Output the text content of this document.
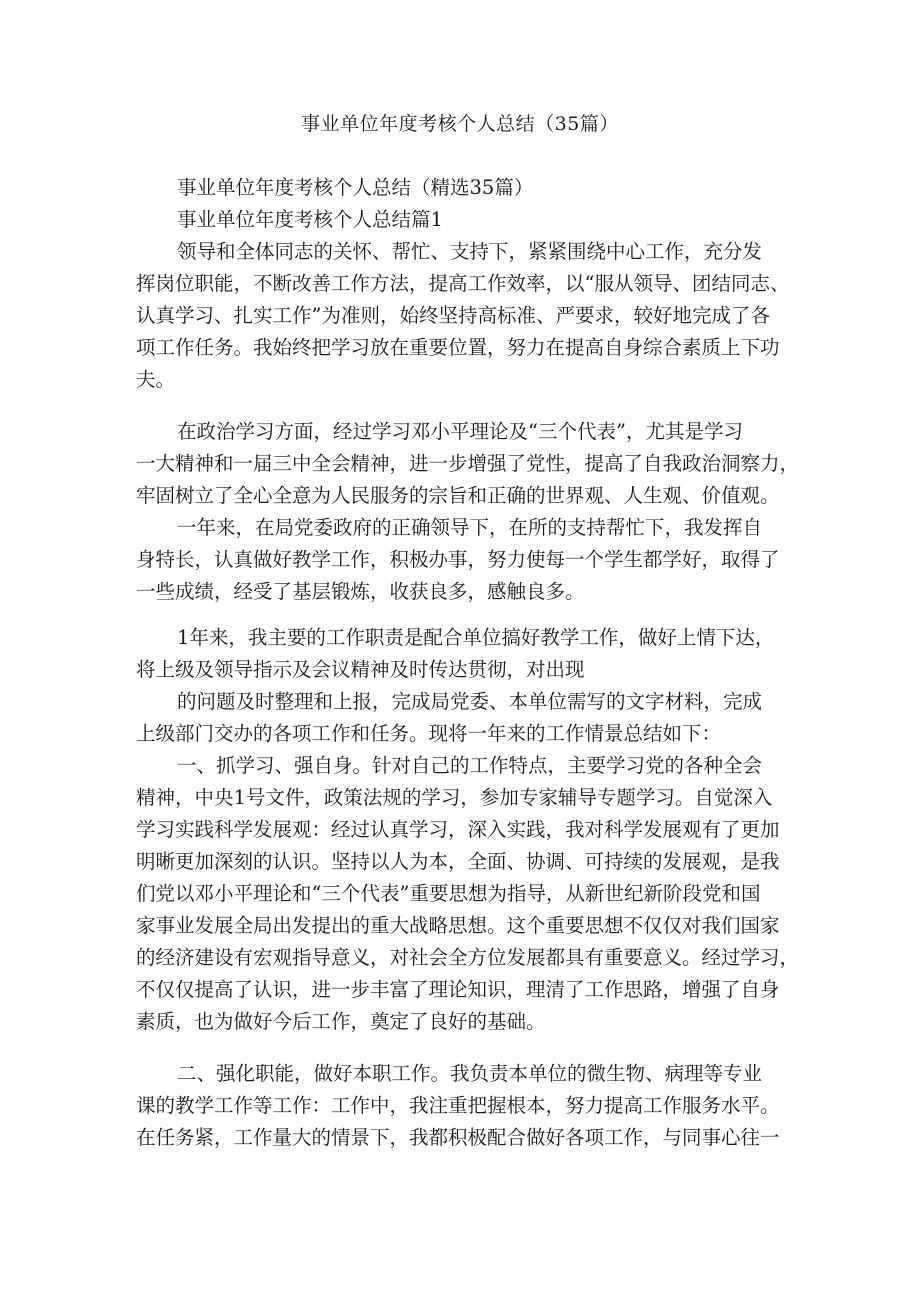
事业单位年度考核个人总结（35篇）
事业单位年度考核个人总结（精选35篇）
事业单位年度考核个人总结篇1
领导和全体同志的关怀、帮忙、支持下，紧紧围绕中心工作，充分发
挥岗位职能，不断改善工作方法，提高工作效率，以“服从领导、团结同志、
认真学习、扎实工作”为准则，始终坚持高标准、严要求，较好地完成了各
项工作任务。我始终把学习放在重要位置，努力在提高自身综合素质上下功
夫。
在政治学习方面，经过学习邓小平理论及“三个代表”，尤其是学习
一大精神和一届三中全会精神，进一步增强了党性，提高了自我政治洞察力，
牢固树立了全心全意为人民服务的宗旨和正确的世界观、人生观、价值观。
一年来，在局党委政府的正确领导下，在所的支持帮忙下，我发挥自
身特长，认真做好教学工作，积极办事，努力使每一个学生都学好，取得了
一些成绩，经受了基层锻炼，收获良多，感触良多。
1年来，我主要的工作职责是配合单位搞好教学工作，做好上情下达，
将上级及领导指示及会议精神及时传达贯彻，对出现
的问题及时整理和上报，完成局党委、本单位需写的文字材料，完成
上级部门交办的各项工作和任务。现将一年来的工作情景总结如下：
一、抓学习、强自身。针对自己的工作特点，主要学习党的各种全会
精神，中央1号文件，政策法规的学习，参加专家辅导专题学习。自觉深入
学习实践科学发展观：经过认真学习，深入实践，我对科学发展观有了更加
明晰更加深刻的认识。坚持以人为本，全面、协调、可持续的发展观，是我
们党以邓小平理论和“三个代表”重要思想为指导，从新世纪新阶段党和国
家事业发展全局出发提出的重大战略思想。这个重要思想不仅仅对我们国家
的经济建设有宏观指导意义，对社会全方位发展都具有重要意义。经过学习，
不仅仅提高了认识，进一步丰富了理论知识，理清了工作思路，增强了自身
素质，也为做好今后工作，奠定了良好的基础。
二、强化职能，做好本职工作。我负责本单位的微生物、病理等专业
课的教学工作等工作：工作中，我注重把握根本，努力提高工作服务水平。
在任务紧，工作量大的情景下，我都积极配合做好各项工作，与同事心往一
